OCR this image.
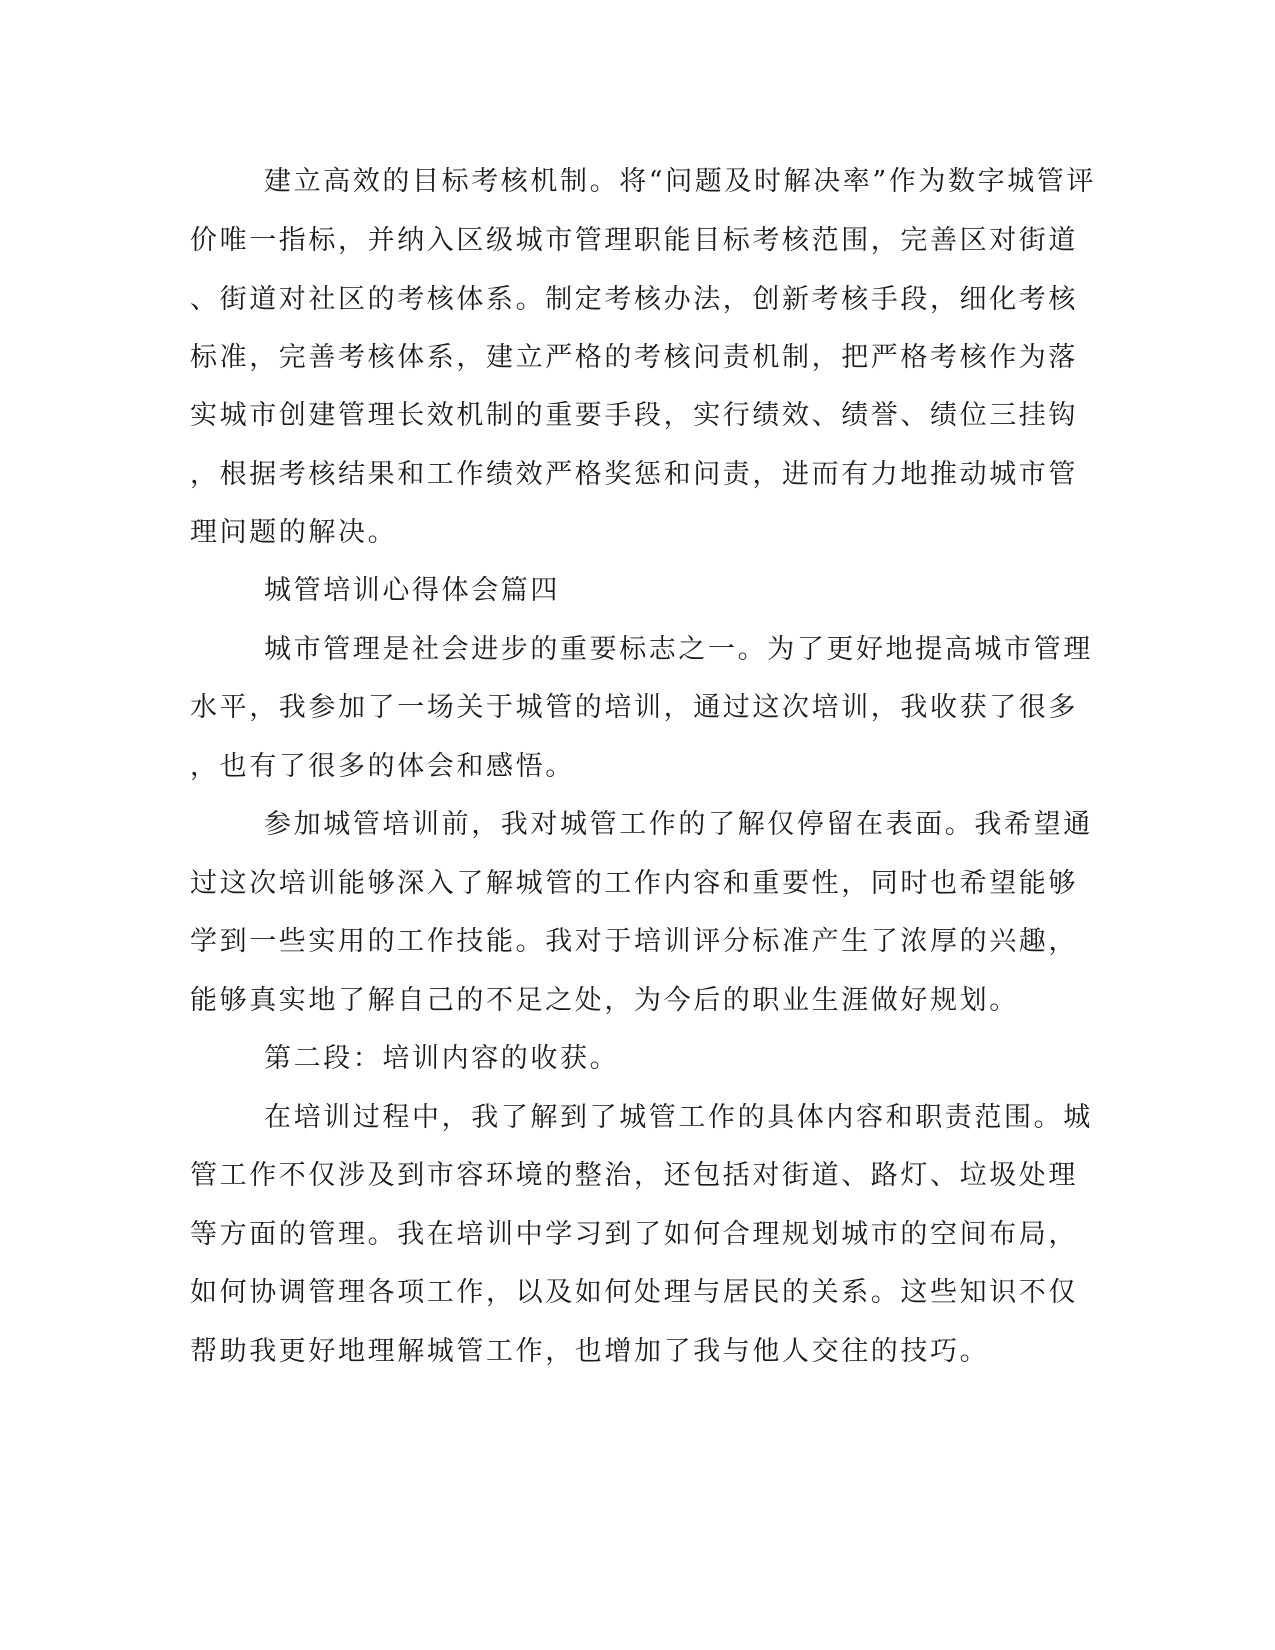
建立高效的目标考核机制。将“问题及时解决率”作为数字城管评

价唯一指标，并纳入区级城市管理职能目标考核范围，完善区对街道

、街道对社区的考核体系。制定考核办法，创新考核手段，细化考核

标准，完善考核体系，建立严格的考核问责机制，把严格考核作为落

实城市创建管理长效机制的重要手段，实行绩效、绩誉、绩位三挂钩

，根据考核结果和工作绩效严格奖惩和问责，进而有力地推动城市管

理问题的解决。

城管培训心得体会篇四

城市管理是社会进步的重要标志之一。为了更好地提高城市管理

水平，我参加了一场关于城管的培训，通过这次培训，我收获了很多

，也有了很多的体会和感悟。

参加城管培训前，我对城管工作的了解仅停留在表面。我希望通

过这次培训能够深入了解城管的工作内容和重要性，同时也希望能够

学到一些实用的工作技能。我对于培训评分标准产生了浓厚的兴趣，

能够真实地了解自己的不足之处，为今后的职业生涯做好规划。

第二段：培训内容的收获。

在培训过程中，我了解到了城管工作的具体内容和职责范围。城

管工作不仅涉及到市容环境的整治，还包括对街道、路灯、垃圾处理

等方面的管理。我在培训中学习到了如何合理规划城市的空间布局，

如何协调管理各项工作，以及如何处理与居民的关系。这些知识不仅

帮助我更好地理解城管工作，也增加了我与他人交往的技巧。
